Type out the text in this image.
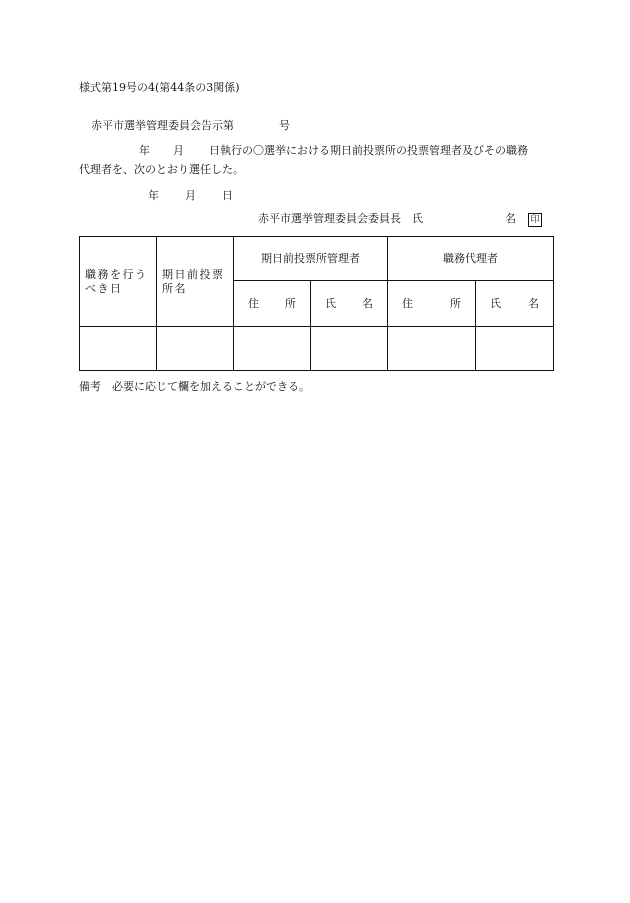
様式第19号の4(第44条の3関係)
赤平市選挙管理委員会告示第	号
年 月 日執行の〇選挙における期日前投票所の投票管理者及びその職務
代理者を、次のとおり選任した。
年 月 日
赤平市選挙管理委員会委員長　氏	名 印
職務を行うべき日	期日前投票所名	期日前投票所管理者		職務代理者	

		住 所	氏 名	住 所	氏 名

備考　必要に応じて欄を加えることができる。
